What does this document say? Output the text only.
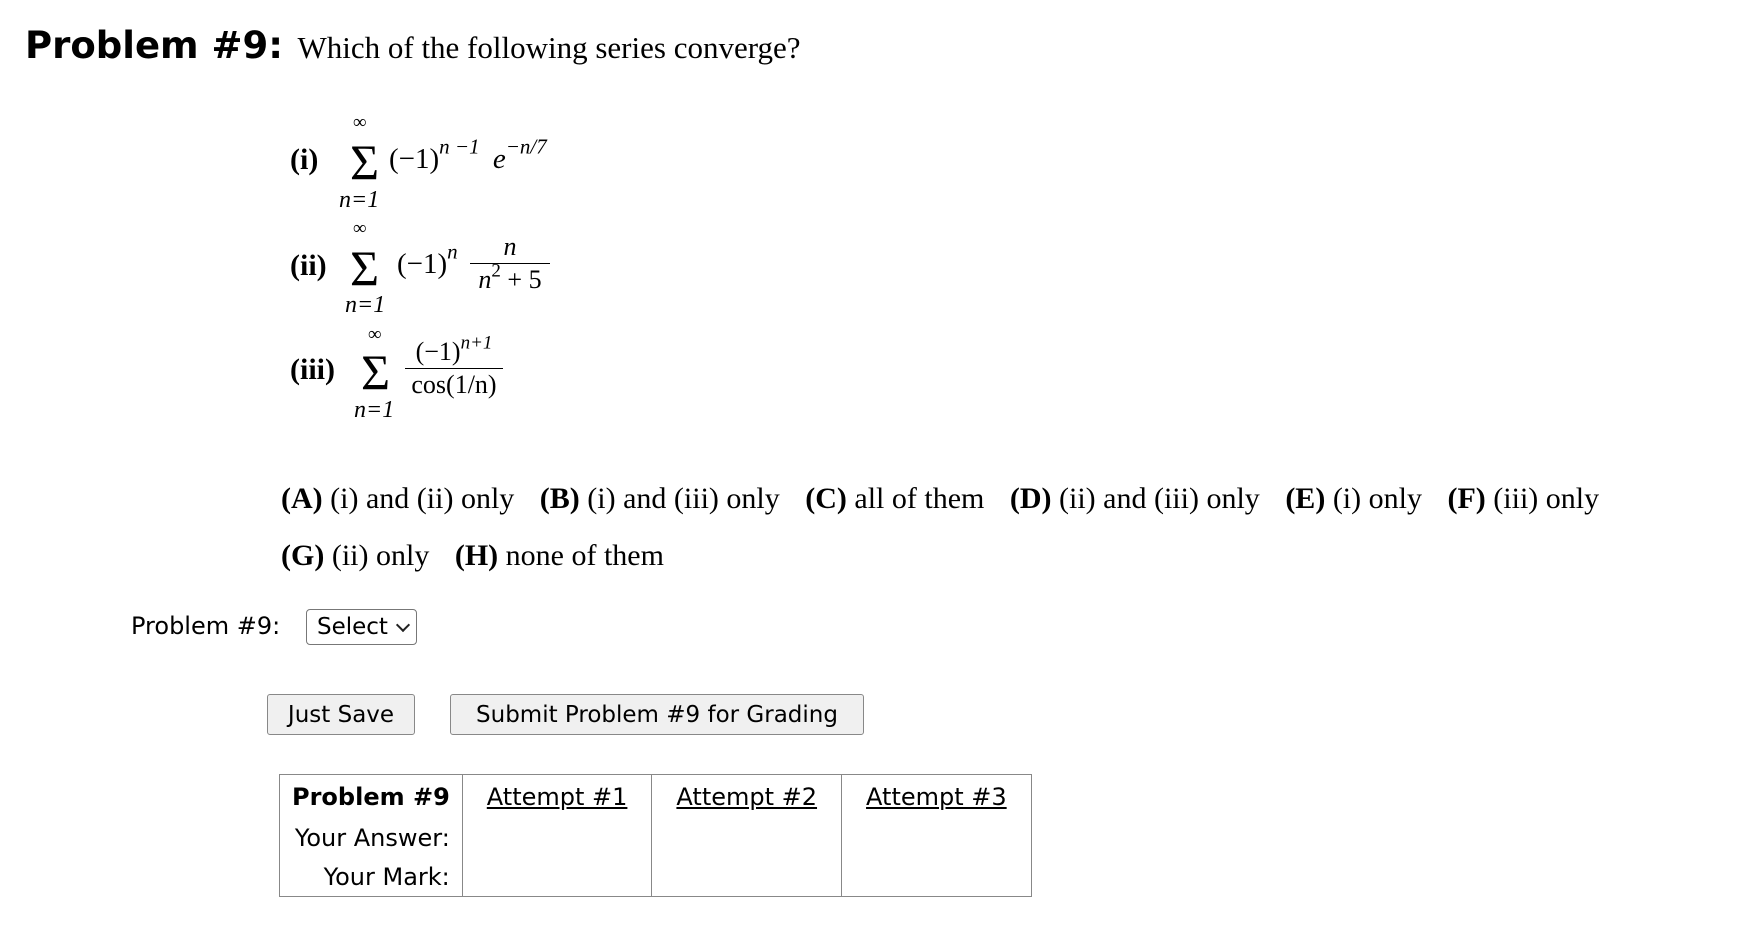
Problem #9: Which of the following series converge?
(i)
∞
Σ
n=1
$(-1)^{n -1}$ $e^{-n/7}$
(ii)
∞
Σ
n=1
$(-1)^n \frac{n}{n^2 + 5}$
(iii)
∞
Σ
n=1
$\frac{(-1)^{n+1}}{\cos(1/n)}$
(A) (i) and (ii) only (B) (i) and (iii) only (C) all of them (D) (ii) and (iii) only (E) (i) only (F) (iii) only
(G) (ii) only (H) none of them
Problem #9: Select
Just Save	Submit Problem #9 for Grading
Problem #9	Attempt #1	Attempt #2	Attempt #3
Your Answer:			
Your Mark:			
